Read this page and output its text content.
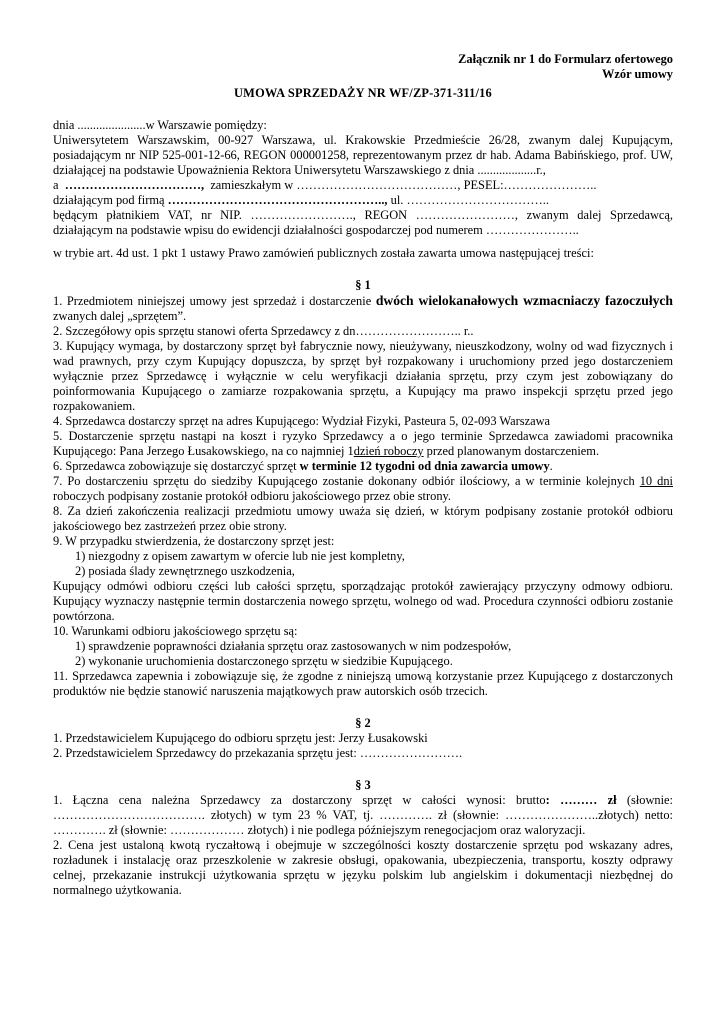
Załącznik nr 1 do Formularz ofertowego

Wzór umowy

UMOWA SPRZEDAŻY NR WF/ZP-371-311/16

dnia ......................w Warszawie pomiędzy:

Uniwersytetem Warszawskim, 00-927 Warszawa, ul. Krakowskie Przedmieście 26/28, zwanym dalej Kupującym, posiadającym nr NIP 525-001-12-66, REGON 000001258, reprezentowanym przez dr hab. Adama Babińskiego, prof. UW, działającej na podstawie Upoważnienia Rektora Uniwersytetu Warszawskiego z dnia ...................r.,

a ……………………………, zamieszkałym w …………………………………, PESEL:…………………..

działającym pod firmą …………………………………………….., ul. ……………………………..

będącym płatnikiem VAT, nr NIP. ……………………., REGON ……………………, zwanym dalej Sprzedawcą, działającym na podstawie wpisu do ewidencji działalności gospodarczej pod numerem …………………..

w trybie art. 4d ust. 1 pkt 1 ustawy Prawo zamówień publicznych została zawarta umowa następującej treści:

§ 1

1. Przedmiotem niniejszej umowy jest sprzedaż i dostarczenie dwóch wielokanałowych wzmacniaczy fazoczułych zwanych dalej „sprzętem”.

2. Szczegółowy opis sprzętu stanowi oferta Sprzedawcy z dn…………………….. r..

3. Kupujący wymaga, by dostarczony sprzęt był fabrycznie nowy, nieużywany, nieuszkodzony, wolny od wad fizycznych i wad prawnych, przy czym Kupujący dopuszcza, by sprzęt był rozpakowany i uruchomiony przed jego dostarczeniem wyłącznie przez Sprzedawcę i wyłącznie w celu weryfikacji działania sprzętu, przy czym jest zobowiązany do poinformowania Kupującego o zamiarze rozpakowania sprzętu, a Kupujący ma prawo inspekcji sprzętu przed jego rozpakowaniem.

4. Sprzedawca dostarczy sprzęt na adres Kupującego: Wydział Fizyki, Pasteura 5, 02-093 Warszawa

5. Dostarczenie sprzętu nastąpi na koszt i ryzyko Sprzedawcy a o jego terminie Sprzedawca zawiadomi pracownika Kupującego: Pana Jerzego Łusakowskiego, na co najmniej 1dzień roboczy przed planowanym dostarczeniem.

6. Sprzedawca zobowiązuje się dostarczyć sprzęt w terminie 12 tygodni od dnia zawarcia umowy.

7. Po dostarczeniu sprzętu do siedziby Kupującego zostanie dokonany odbiór ilościowy, a w terminie kolejnych 10 dni roboczych podpisany zostanie protokół odbioru jakościowego przez obie strony.

8. Za dzień zakończenia realizacji przedmiotu umowy uważa się dzień, w którym podpisany zostanie protokół odbioru jakościowego bez zastrzeżeń przez obie strony.

9. W przypadku stwierdzenia, że dostarczony sprzęt jest:

1) niezgodny z opisem zawartym w ofercie lub nie jest kompletny,

2) posiada ślady zewnętrznego uszkodzenia,

Kupujący odmówi odbioru części lub całości sprzętu, sporządzając protokół zawierający przyczyny odmowy odbioru. Kupujący wyznaczy następnie termin dostarczenia nowego sprzętu, wolnego od wad. Procedura czynności odbioru zostanie powtórzona.

10. Warunkami odbioru jakościowego sprzętu są:

1) sprawdzenie poprawności działania sprzętu oraz zastosowanych w nim podzespołów,

2) wykonanie uruchomienia dostarczonego sprzętu w siedzibie Kupującego.

11. Sprzedawca zapewnia i zobowiązuje się, że zgodne z niniejszą umową korzystanie przez Kupującego z dostarczonych produktów nie będzie stanowić naruszenia majątkowych praw autorskich osób trzecich.

§ 2

1. Przedstawicielem Kupującego do odbioru sprzętu jest: Jerzy Łusakowski

2. Przedstawicielem Sprzedawcy do przekazania sprzętu jest: …………………….

§ 3

1. Łączna cena należna Sprzedawcy za dostarczony sprzęt w całości wynosi: brutto: ……… zł (słownie: ………………………………. złotych) w tym 23 % VAT, tj. …………. zł (słownie: …………………..złotych) netto: …………. zł (słownie: ……………… złotych) i nie podlega późniejszym renegocjacjom oraz waloryzacji.

2. Cena jest ustaloną kwotą ryczałtową i obejmuje w szczególności koszty dostarczenie sprzętu pod wskazany adres, rozładunek i instalację oraz przeszkolenie w zakresie obsługi, opakowania, ubezpieczenia, transportu, koszty odprawy celnej, przekazanie instrukcji użytkowania sprzętu w języku polskim lub angielskim i dokumentacji niezbędnej do normalnego użytkowania.
